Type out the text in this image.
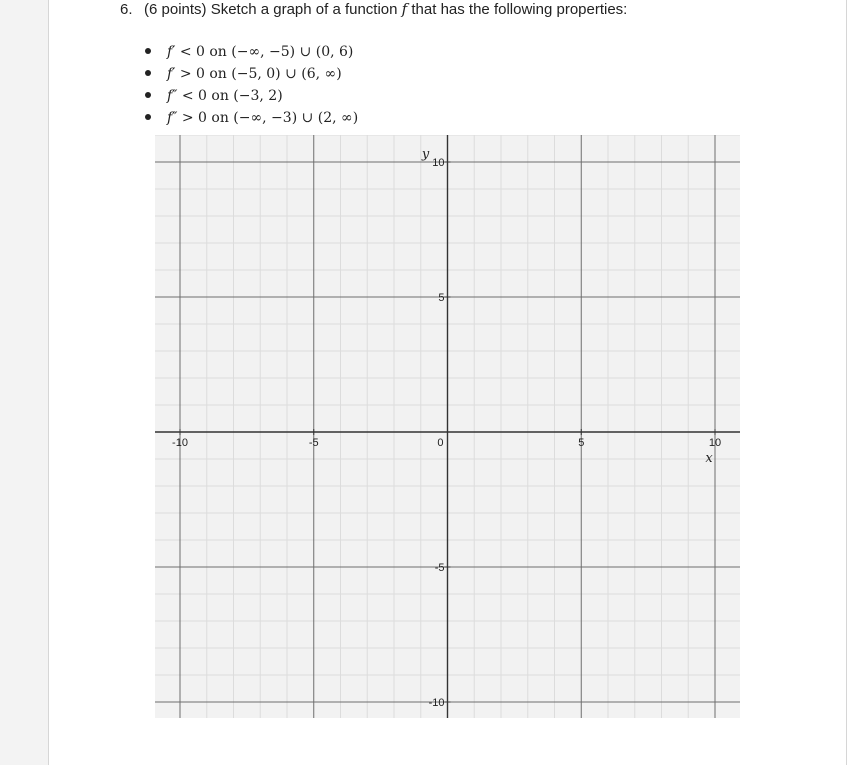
6. (6 points) Sketch a graph of a function f that has the following properties:
f′ < 0 on (−∞, −5) ∪ (0, 6)
f′ > 0 on (−5, 0) ∪ (6, ∞)
f″ < 0 on (−3, 2)
f″ > 0 on (−∞, −3) ∪ (2, ∞)
-10	-5	0	5	10
10
5
-5
-10
y
x
